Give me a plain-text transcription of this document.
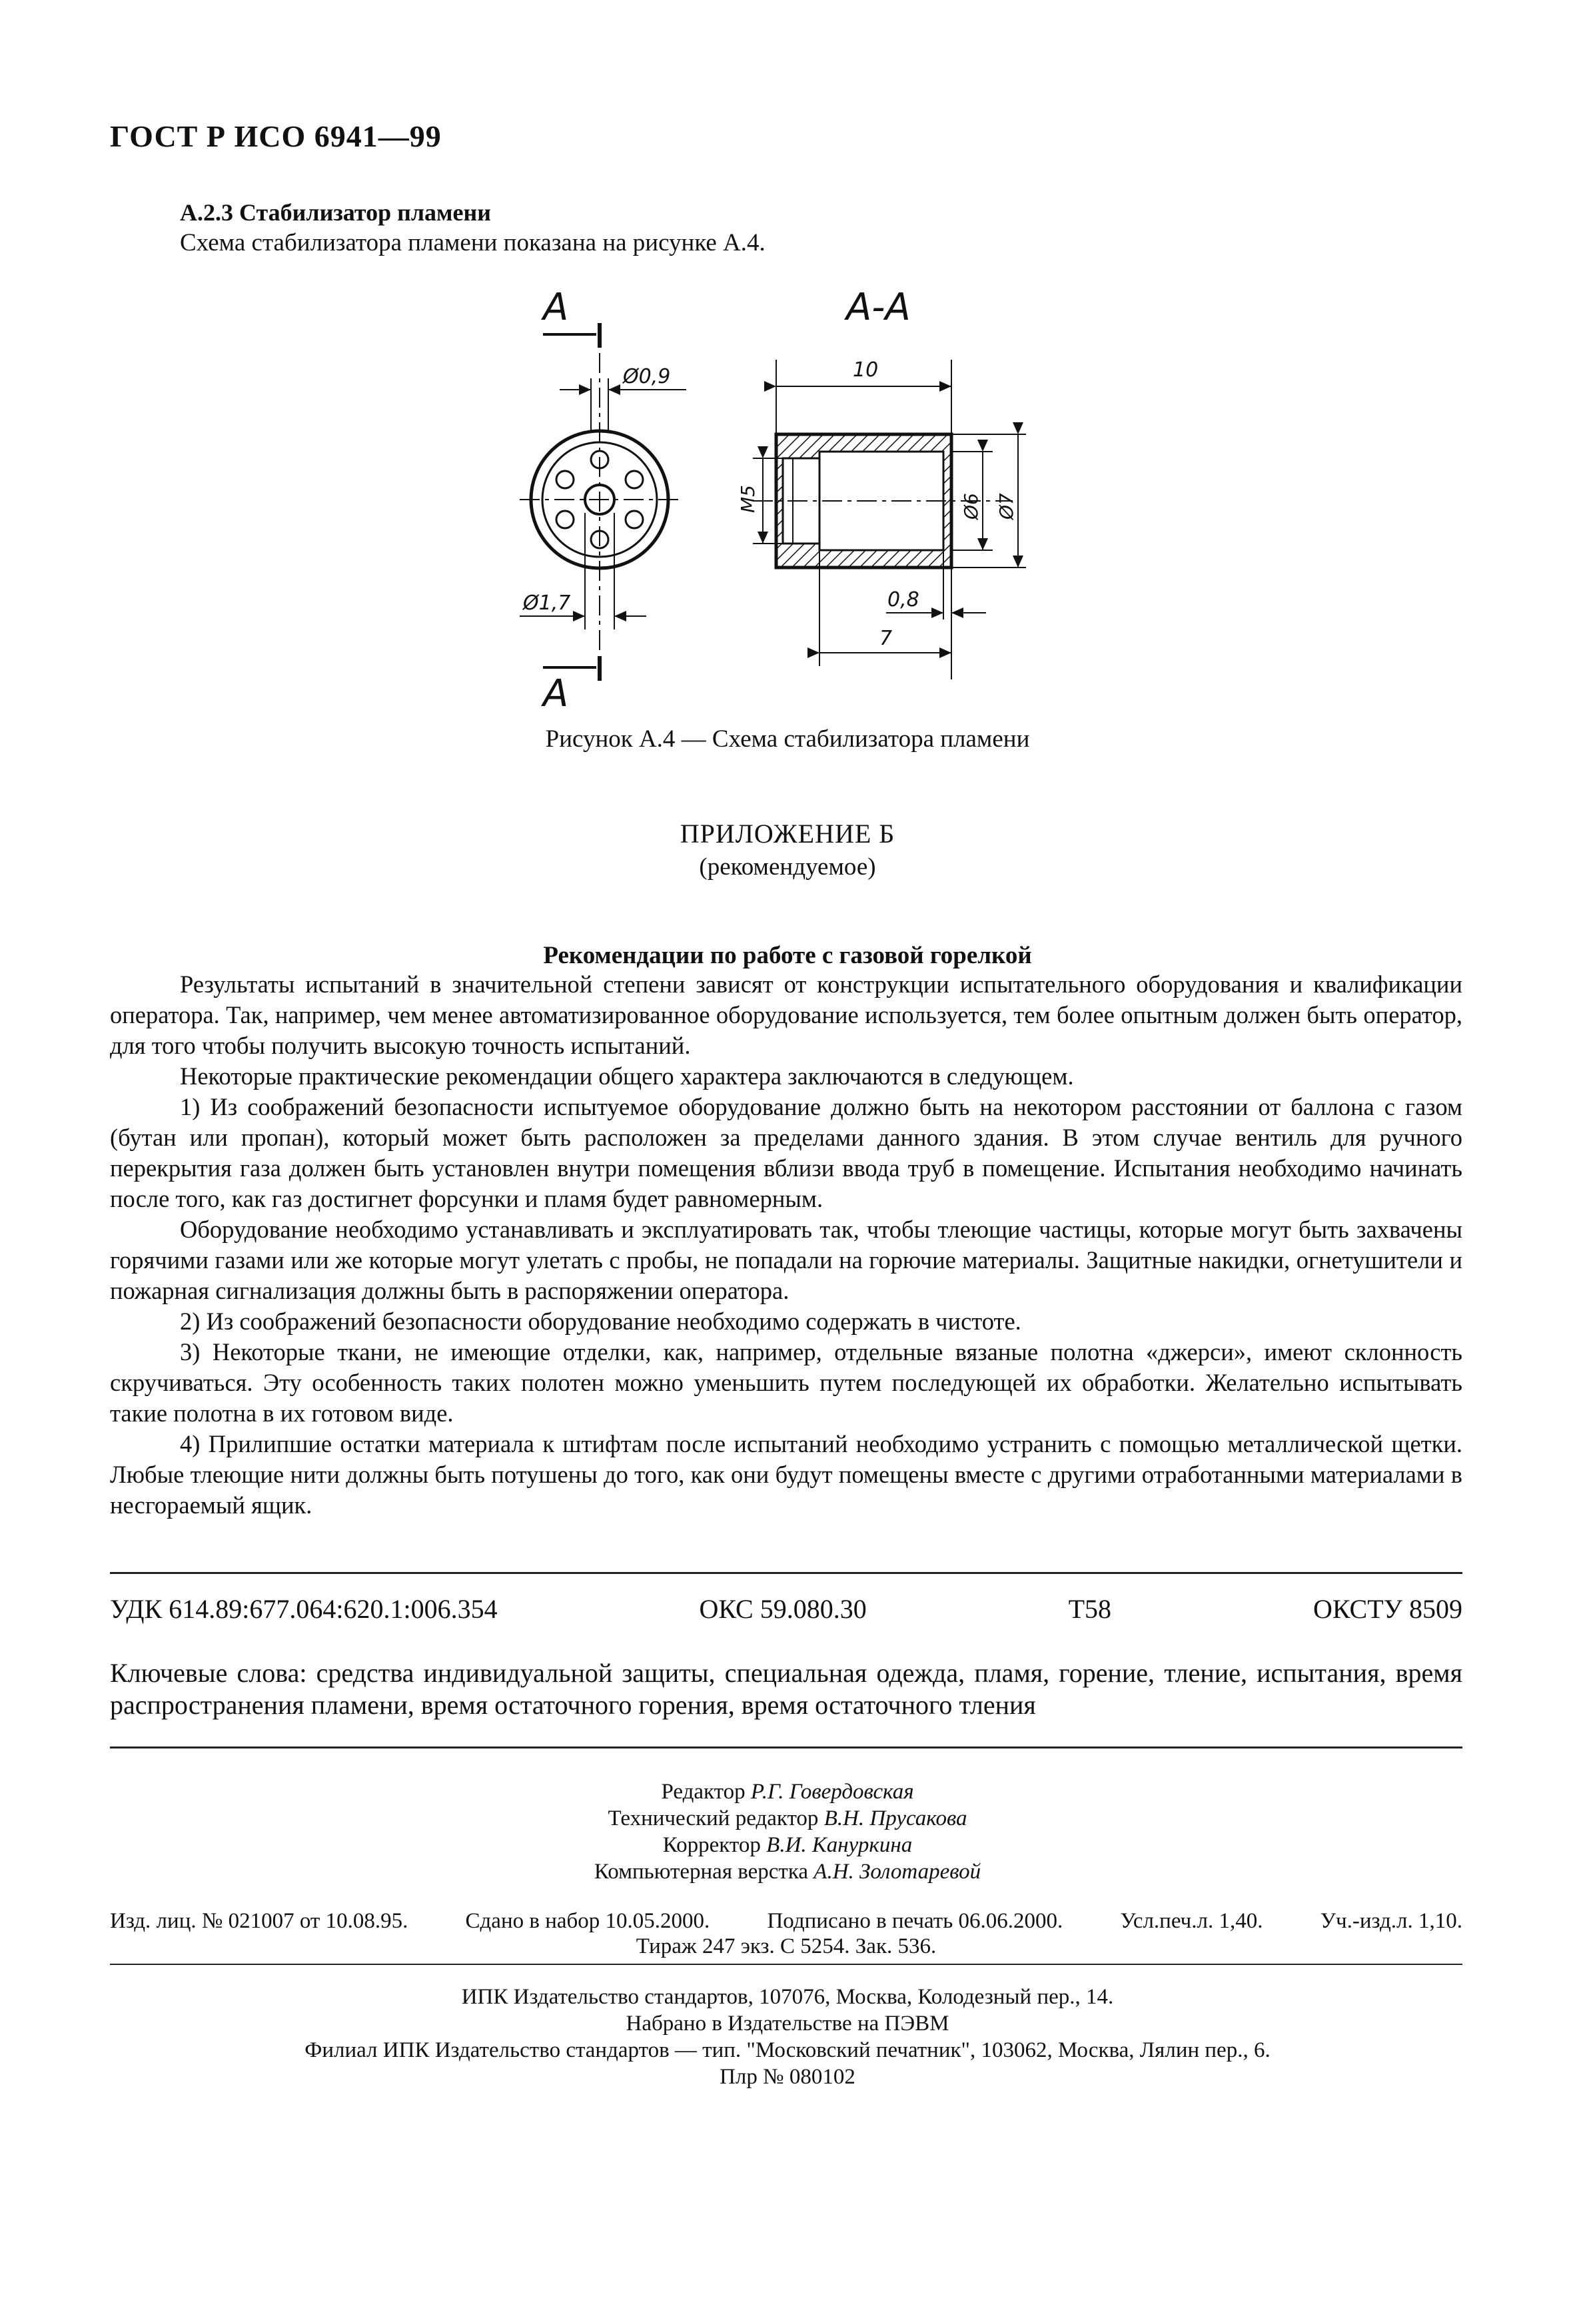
ГОСТ Р ИСО 6941—99
А.2.3 Стабилизатор пламени
Схема стабилизатора пламени показана на рисунке А.4.
А
А
Ø0,9
Ø1,7
А-А
10
М5	Ø6 Ø7
0,8
7
Рисунок А.4 — Схема стабилизатора пламени
ПРИЛОЖЕНИЕ Б
(рекомендуемое)
Рекомендации по работе с газовой горелкой

Результаты испытаний в значительной степени зависят от конструкции испытательного оборудования и квалификации оператора. Так, например, чем менее автоматизированное оборудование используется, тем более опытным должен быть оператор, для того чтобы получить высокую точность испытаний.

Некоторые практические рекомендации общего характера заключаются в следующем.

1) Из соображений безопасности испытуемое оборудование должно быть на некотором расстоянии от баллона с газом (бутан или пропан), который может быть расположен за пределами данного здания. В этом случае вентиль для ручного перекрытия газа должен быть установлен внутри помещения вблизи ввода труб в помещение. Испытания необходимо начинать после того, как газ достигнет форсунки и пламя будет равномерным.

Оборудование необходимо устанавливать и эксплуатировать так, чтобы тлеющие частицы, которые могут быть захвачены горячими газами или же которые могут улетать с пробы, не попадали на горючие материалы. Защитные накидки, огнетушители и пожарная сигнализация должны быть в распоряжении оператора.

2) Из соображений безопасности оборудование необходимо содержать в чистоте.

3) Некоторые ткани, не имеющие отделки, как, например, отдельные вязаные полотна «джерси», имеют склонность скручиваться. Эту особенность таких полотен можно уменьшить путем последующей их обработки. Желательно испытывать такие полотна в их готовом виде.

4) Прилипшие остатки материала к штифтам после испытаний необходимо устранить с помощью металлической щетки. Любые тлеющие нити должны быть потушены до того, как они будут помещены вместе с другими отработанными материалами в несгораемый ящик.

УДК 614.89:677.064:620.1:006.354	ОКС 59.080.30	Т58	ОКСТУ 8509
Ключевые слова: средства индивидуальной защиты, специальная одежда, пламя, горение, тление, испытания, время распространения пламени, время остаточного горения, время остаточного тления
Редактор Р.Г. Говердовская
Технический редактор В.Н. Прусакова
Корректор В.И. Кануркина
Компьютерная верстка А.Н. Золотаревой
Изд. лиц. № 021007 от 10.08.95.	Сдано в набор 10.05.2000.	Подписано в печать 06.06.2000.	Усл.печ.л. 1,40.	Уч.-изд.л. 1,10.
Тираж 247 экз. С 5254. Зак. 536.
ИПК Издательство стандартов, 107076, Москва, Колодезный пер., 14.
Набрано в Издательстве на ПЭВМ
Филиал ИПК Издательство стандартов — тип. "Московский печатник", 103062, Москва, Лялин пер., 6.
Плр № 080102
